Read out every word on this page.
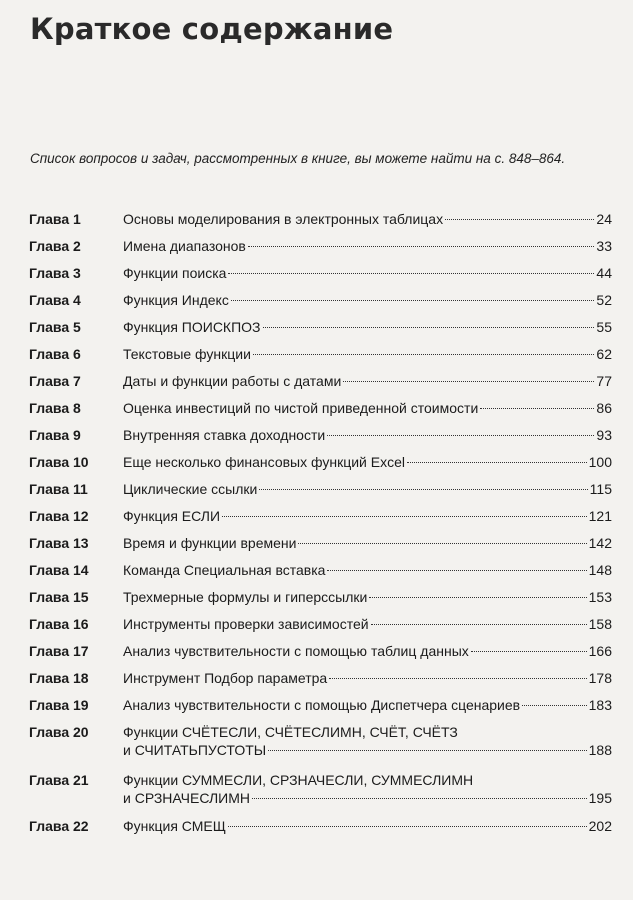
Краткое содержание
Список вопросов и задач, рассмотренных в книге, вы можете найти на с. 848–864.
Глава 1	Основы моделирования в электронных таблицах	24
Глава 2	Имена диапазонов	33
Глава 3	Функции поиска	44
Глава 4	Функция Индекс	52
Глава 5	Функция ПОИСКПОЗ	55
Глава 6	Текстовые функции	62
Глава 7	Даты и функции работы с датами	77
Глава 8	Оценка инвестиций по чистой приведенной стоимости	86
Глава 9	Внутренняя ставка доходности	93
Глава 10	Еще несколько финансовых функций Excel	100
Глава 11	Циклические ссылки	115
Глава 12	Функция ЕСЛИ	121
Глава 13	Время и функции времени	142
Глава 14	Команда Специальная вставка	148
Глава 15	Трехмерные формулы и гиперссылки	153
Глава 16	Инструменты проверки зависимостей	158
Глава 17	Анализ чувствительности с помощью таблиц данных	166
Глава 18	Инструмент Подбор параметра	178
Глава 19	Анализ чувствительности с помощью Диспетчера сценариев	183
Глава 20	Функции СЧЁТЕСЛИ, СЧЁТЕСЛИМН, СЧЁТ, СЧЁТЗ
и СЧИТАТЬПУСТОТЫ	188
Глава 21	Функции СУММЕСЛИ, СРЗНАЧЕСЛИ, СУММЕСЛИМН
и СРЗНАЧЕСЛИМН	195
Глава 22	Функция СМЕЩ	202
